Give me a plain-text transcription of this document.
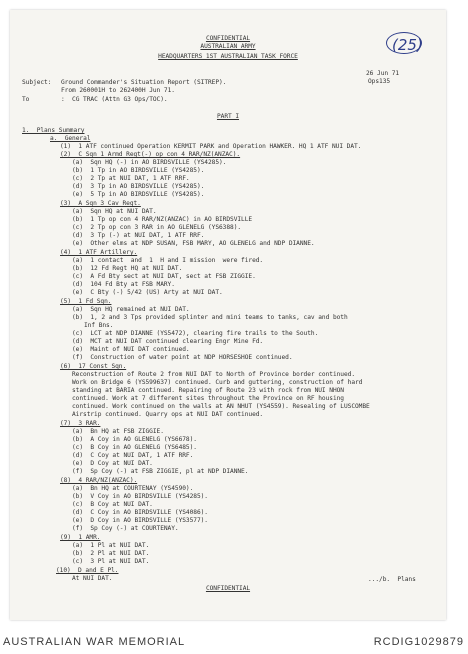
(25)
CONFIDENTIAL
AUSTRALIAN ARMY
HEADQUARTERS 1ST AUSTRALIAN TASK FORCE
26 Jun 71
Ops135
Subject: Ground Commander's Situation Report (SITREP).
From 260001H to 262400H Jun 71.
To	:  CG TRAC (Attn G3 Ops/TOC).
PART I
1.  Plans Summary
a.  General
(1)  1 ATF continued Operation KERMIT PARK and Operation HAWKER. HQ 1 ATF NUI DAT.
(2)  C Sqn 1 Armd Regt(-) op con 4 RAR/NZ(ANZAC).
(a)  Sqn HQ (-) in AO BIRDSVILLE (YS4285).
(b)  1 Tp in AO BIRDSVILLE (YS4285).
(c)  2 Tp at NUI DAT, 1 ATF RRF.
(d)  3 Tp in AO BIRDSVILLE (YS4285).
(e)  5 Tp in AO BIRDSVILLE (YS4285).
(3)  A Sqn 3 Cav Regt.
(a)  Sqn HQ at NUI DAT.
(b)  1 Tp op con 4 RAR/NZ(ANZAC) in AO BIRDSVILLE
(c)  2 Tp op con 3 RAR in AO GLENELG (YS6388).
(d)  3 Tp (-) at NUI DAT, 1 ATF RRF.
(e)  Other elms at NDP SUSAN, FSB MARY, AO GLENELG and NDP DIANNE.
(4)  1 ATF Artillery.
(a)  1 contact  and  1  H and I mission  were fired.
(b)  12 Fd Regt HQ at NUI DAT.
(c)  A Fd Bty sect at NUI DAT, sect at FSB ZIGGIE.
(d)  104 Fd Bty at FSB MARY.
(e)  C Bty (-) 5/42 (US) Arty at NUI DAT.
(5)  1 Fd Sqn.
(a)  Sqn HQ remained at NUI DAT.
(b)  1, 2 and 3 Tps provided splinter and mini teams to tanks, cav and both
Inf Bns.
(c)  LCT at NDP DIANNE (YS5472), clearing fire trails to the South.
(d)  MCT at NUI DAT continued clearing Engr Mine Fd.
(e)  Maint of NUI DAT continued.
(f)  Construction of water point at NDP HORSESHOE continued.
(6)  17 Const Sqn.
Reconstruction of Route 2 from NUI DAT to North of Province border continued.
Work on Bridge 6 (YS599637) continued. Curb and guttering, construction of hard
standing at BARIA continued. Repairing of Route 23 with rock from NUI NHON
continued. Work at 7 different sites throughout the Province on RF housing
continued. Work continued on the walls at AN NHUT (YS4559). Resealing of LUSCOMBE
Airstrip continued. Quarry ops at NUI DAT continued.
(7)  3 RAR.
(a)  Bn HQ at FSB ZIGGIE.
(b)  A Coy in AO GLENELG (YS6678).
(c)  B Coy in AO GLENELG (YS6485).
(d)  C Coy at NUI DAT, 1 ATF RRF.
(e)  D Coy at NUI DAT.
(f)  Sp Coy (-) at FSB ZIGGIE, pl at NDP DIANNE.
(8)  4 RAR/NZ(ANZAC).
(a)  Bn HQ at COURTENAY (YS4590).
(b)  V Coy in AO BIRDSVILLE (YS4285).
(c)  B Coy at NUI DAT.
(d)  C Coy in AO BIRDSVILLE (YS4086).
(e)  D Coy in AO BIRDSVILLE (YS3577).
(f)  Sp Coy (-) at COURTENAY.
(9)  1 AMR.
(a)  1 Pl at NUI DAT.
(b)  2 Pl at NUI DAT.
(c)  3 Pl at NUI DAT.
(10)  D and E Pl.
At NUI DAT.
CONFIDENTIAL
.../b.  Plans
AUSTRALIAN WAR MEMORIAL	RCDIG1029879
